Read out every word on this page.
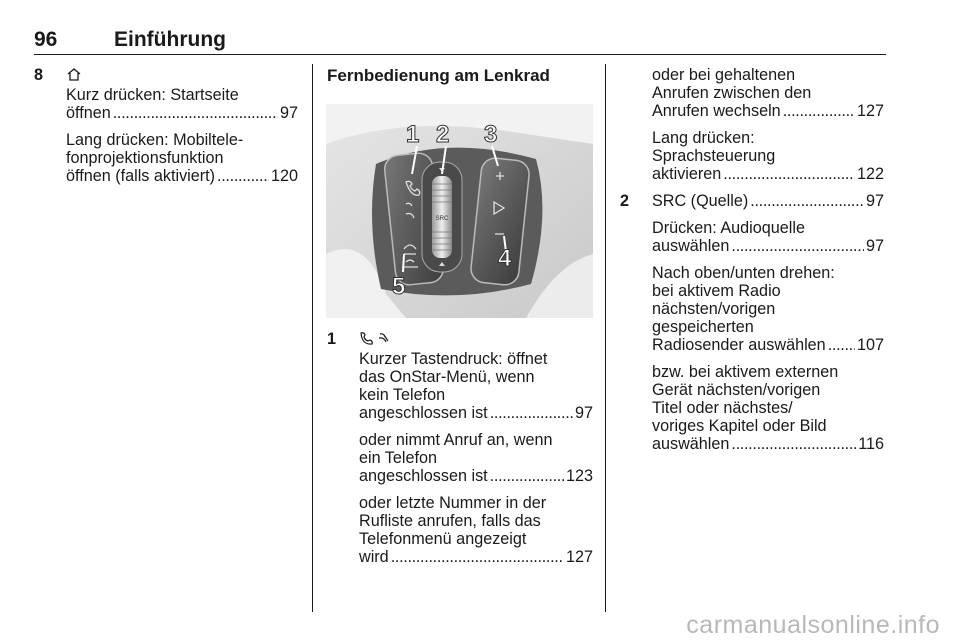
96	Einführung
8
Kurz drücken: Startseite
öffnen . . .	97
Lang drücken: Mobiltele-
fonprojektionsfunktion
öffnen (falls aktiviert) . . .	120
Fernbedienung am Lenkrad
SRC
1 2 3
4
5
1
Kurzer Tastendruck: öffnet
das OnStar-Menü, wenn
kein Telefon
angeschlossen ist . . .	97
oder nimmt Anruf an, wenn
ein Telefon
angeschlossen ist . . .	123
oder letzte Nummer in der
Rufliste anrufen, falls das
Telefonmenü angezeigt
wird . . .	127
oder bei gehaltenen
Anrufen zwischen den
Anrufen wechseln . . .	127
Lang drücken:
Sprachsteuerung
aktivieren . . .	122
2 SRC (Quelle) . . .	97
Drücken: Audioquelle
auswählen . . .	97
Nach oben/unten drehen:
bei aktivem Radio
nächsten/vorigen
gespeicherten
Radiosender auswählen . . . 107
bzw. bei aktivem externen
Gerät nächsten/vorigen
Titel oder nächstes/
voriges Kapitel oder Bild
auswählen . . .	116
carmanualsonline.info
